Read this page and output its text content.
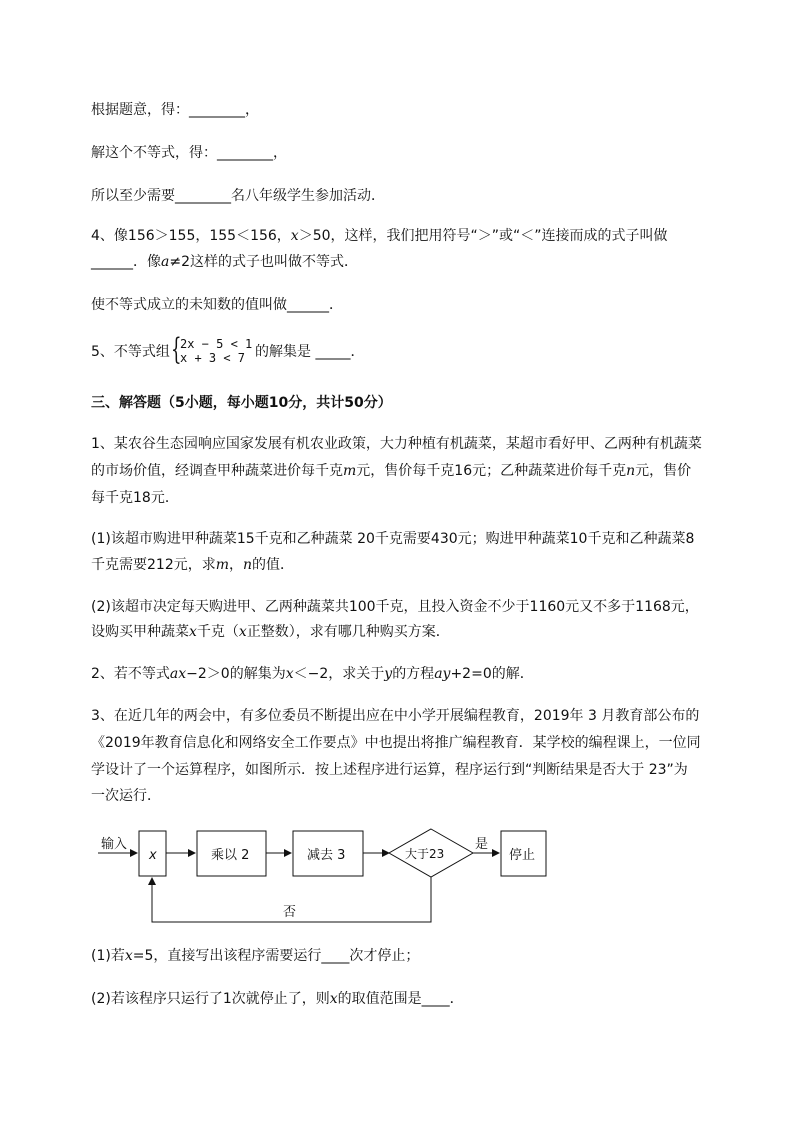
根据题意，得：________，
解这个不等式，得：________，
所以至少需要________名八年级学生参加活动．
4、像156＞155，155＜156，x＞50，这样，我们把用符号“＞”或“＜”连接而成的式子叫做
______．像a≠2这样的式子也叫做不等式．
使不等式成立的未知数的值叫做______．
5、不等式组 {
2x − 5 < 1
x + 3 < 7 的解集是 _____．
三、解答题（5小题，每小题10分，共计50分）
1、某农谷生态园响应国家发展有机农业政策，大力种植有机蔬菜，某超市看好甲、乙两种有机蔬菜
的市场价值，经调查甲种蔬菜进价每千克m元，售价每千克16元；乙种蔬菜进价每千克n元，售价
每千克18元．
(1)该超市购进甲种蔬菜15千克和乙种蔬菜 20千克需要430元；购进甲种蔬菜10千克和乙种蔬菜8
千克需要212元，求m，n的值．
(2)该超市决定每天购进甲、乙两种蔬菜共100千克，且投入资金不少于1160元又不多于1168元，
设购买甲种蔬菜x千克（x正整数），求有哪几种购买方案．
2、若不等式ax−2＞0的解集为x＜−2，求关于y的方程ay+2=0的解．
3、在近几年的两会中，有多位委员不断提出应在中小学开展编程教育，2019年 3 月教育部公布的
《2019年教育信息化和网络安全工作要点》中也提出将推广编程教育．某学校的编程课上，一位同
学设计了一个运算程序，如图所示．按上述程序进行运算，程序运行到“判断结果是否大于 23”为
一次运行．
输入
x	乘以 2	减去 3	大于23
是
停止
否
(1)若x=5，直接写出该程序需要运行____次才停止；
(2)若该程序只运行了1次就停止了，则x的取值范围是____．
